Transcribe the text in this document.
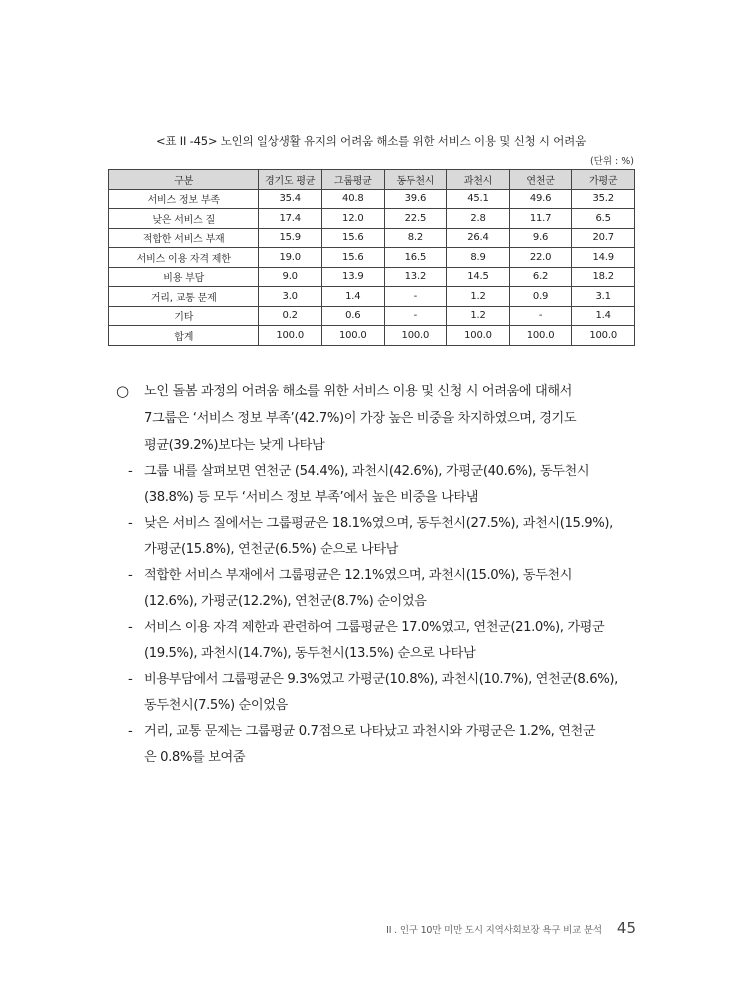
<표 II -45> 노인의 일상생활 유지의 어려움 해소를 위한 서비스 이용 및 신청 시 어려움
(단위 : %)
구분	경기도 평균	그룹평균	동두천시	과천시	연천군	가평군
서비스 정보 부족	35.4	40.8	39.6	45.1	49.6	35.2
낮은 서비스 질	17.4	12.0	22.5	2.8	11.7	6.5
적합한 서비스 부재	15.9	15.6	8.2	26.4	9.6	20.7
서비스 이용 자격 제한	19.0	15.6	16.5	8.9	22.0	14.9
비용 부담	9.0	13.9	13.2	14.5	6.2	18.2
거리, 교통 문제	3.0	1.4	-	1.2	0.9	3.1
기타	0.2	0.6	-	1.2	-	1.4
합계	100.0	100.0	100.0	100.0	100.0	100.0

○ 노인 돌봄 과정의 어려움 해소를 위한 서비스 이용 및 신청 시 어려움에 대해서
7그룹은 ‘서비스 정보 부족’(42.7%)이 가장 높은 비중을 차지하였으며, 경기도
평균(39.2%)보다는 낮게 나타남

- 그룹 내를 살펴보면 연천군 (54.4%), 과천시(42.6%), 가평군(40.6%), 동두천시
(38.8%) 등 모두 ‘서비스 정보 부족’에서 높은 비중을 나타냄

- 낮은 서비스 질에서는 그룹평균은 18.1%였으며, 동두천시(27.5%), 과천시(15.9%),
가평군(15.8%), 연천군(6.5%) 순으로 나타남

- 적합한 서비스 부재에서 그룹평균은 12.1%였으며, 과천시(15.0%), 동두천시
(12.6%), 가평군(12.2%), 연천군(8.7%) 순이었음

- 서비스 이용 자격 제한과 관련하여 그룹평균은 17.0%였고, 연천군(21.0%), 가평군
(19.5%), 과천시(14.7%), 동두천시(13.5%) 순으로 나타남

- 비용부담에서 그룹평균은 9.3%였고 가평군(10.8%), 과천시(10.7%), 연천군(8.6%),
동두천시(7.5%) 순이었음

- 거리, 교통 문제는 그룹평균 0.7점으로 나타났고 과천시와 가평군은 1.2%, 연천군
은 0.8%를 보여줌

II . 인구 10만 미만 도시 지역사회보장 욕구 비교 분석 45
